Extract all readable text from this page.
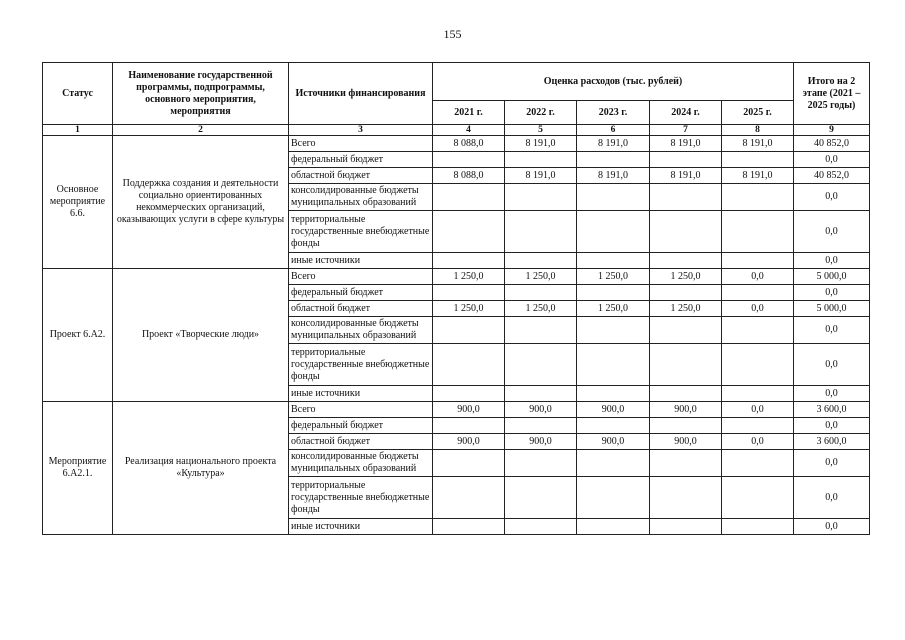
155
Статус	Наименование государственной программы, подпрограммы, основного мероприятия, мероприятия	Источники финансирования	Оценка расходов (тыс. рублей)					Итого на 2 этапе (2021 – 2025 годы)
			2021 г.	2022 г.	2023 г.	2024 г.	2025 г.	
1	2	3	4	5	6	7	8	9
Основное мероприятие 6.6.	Поддержка создания и деятельности социально ориентированных некоммерческих организаций, оказывающих услуги в сфере культуры	Всего	8 088,0	8 191,0	8 191,0	8 191,0	8 191,0	40 852,0
		федеральный бюджет						0,0
		областной бюджет	8 088,0	8 191,0	8 191,0	8 191,0	8 191,0	40 852,0
		консолидированные бюджеты муниципальных образований						0,0
		территориальные государственные внебюджетные фонды						0,0
		иные источники						0,0
Проект 6.А2.	Проект «Творческие люди»	Всего	1 250,0	1 250,0	1 250,0	1 250,0	0,0	5 000,0
		федеральный бюджет						0,0
		областной бюджет	1 250,0	1 250,0	1 250,0	1 250,0	0,0	5 000,0
		консолидированные бюджеты муниципальных образований						0,0
		территориальные государственные внебюджетные фонды						0,0
		иные источники						0,0
Мероприятие 6.А2.1.	Реализация национального проекта «Культура»	Всего	900,0	900,0	900,0	900,0	0,0	3 600,0
		федеральный бюджет						0,0
		областной бюджет	900,0	900,0	900,0	900,0	0,0	3 600,0
		консолидированные бюджеты муниципальных образований						0,0
		территориальные государственные внебюджетные фонды						0,0
		иные источники						0,0
